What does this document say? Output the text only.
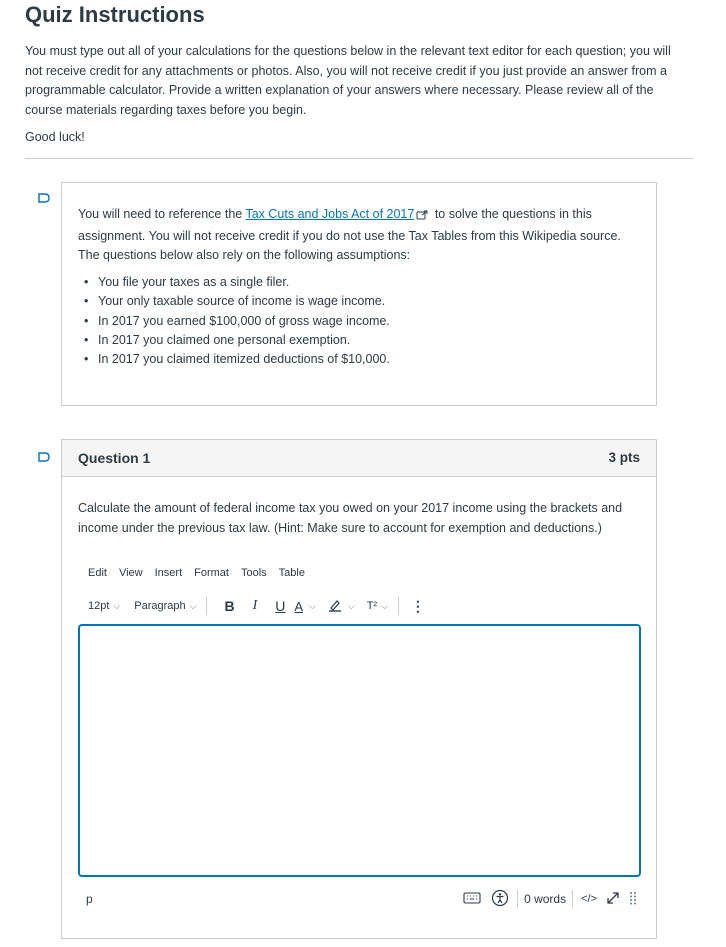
Quiz Instructions

You must type out all of your calculations for the questions below in the relevant text editor for each question; you will not receive credit for any attachments or photos. Also, you will not receive credit if you just provide an answer from a programmable calculator. Provide a written explanation of your answers where necessary. Please review all of the course materials regarding taxes before you begin.

Good luck!

You will need to reference the Tax Cuts and Jobs Act of 2017 to solve the questions in this assignment. You will not receive credit if you do not use the Tax Tables from this Wikipedia source. The questions below also rely on the following assumptions:

• You file your taxes as a single filer.
• Your only taxable source of income is wage income.
• In 2017 you earned $100,000 of gross wage income.
• In 2017 you claimed one personal exemption.
• In 2017 you claimed itemized deductions of $10,000.
Question 1	3 pts

Calculate the amount of federal income tax you owed on your 2017 income using the brackets and income under the previous tax law. (Hint: Make sure to account for exemption and deductions.)

Edit View Insert Format Tools Table
12pt ⌵ Paragraph ⌵ B I U A ⌵	⌵ T² ⌵ ⋮
p	0 words </>
